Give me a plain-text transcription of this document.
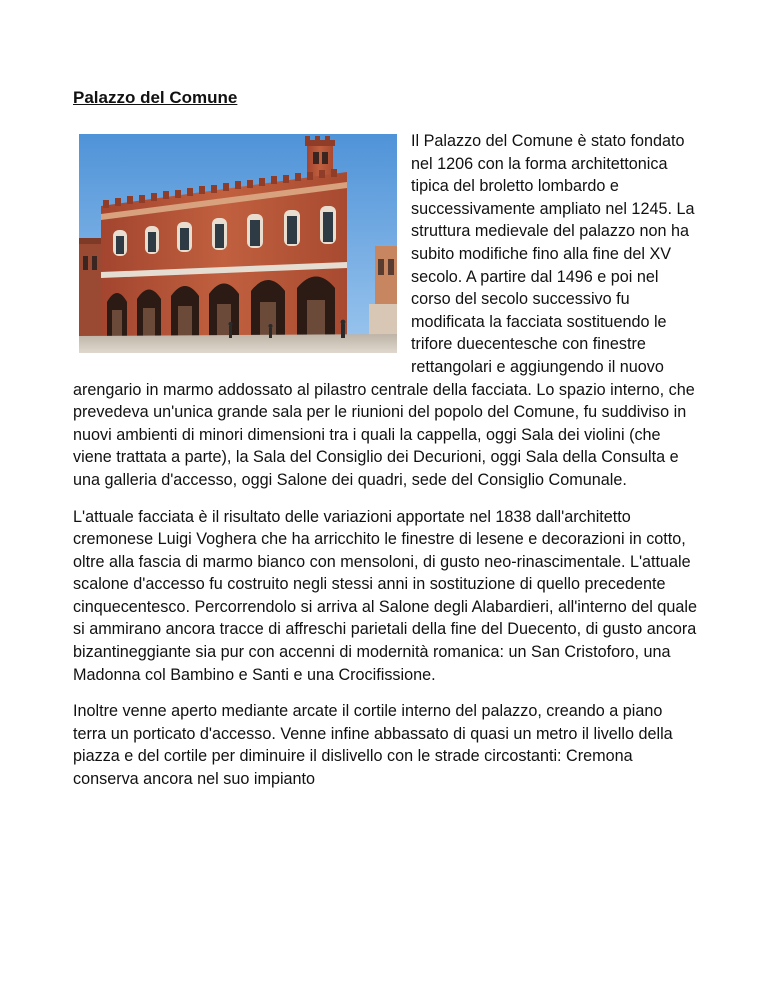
Palazzo del Comune

Il Palazzo del Comune è stato fondato nel 1206 con la forma architettonica tipica del broletto lombardo e successivamente ampliato nel 1245. La struttura medievale del palazzo non ha subito modifiche fino alla fine del XV secolo. A partire dal 1496 e poi nel corso del secolo successivo fu modificata la facciata sostituendo le trifore duecentesche con finestre rettangolari e aggiungendo il nuovo arengario in marmo addossato al pilastro centrale della facciata. Lo spazio interno, che prevedeva un'unica grande sala per le riunioni del popolo del Comune, fu suddiviso in nuovi ambienti di minori dimensioni tra i quali la cappella, oggi Sala dei violini (che viene trattata a parte), la Sala del Consiglio dei Decurioni, oggi Sala della Consulta e una galleria d'accesso, oggi Salone dei quadri, sede del Consiglio Comunale.

L'attuale facciata è il risultato delle variazioni apportate nel 1838 dall'architetto cremonese Luigi Voghera che ha arricchito le finestre di lesene e decorazioni in cotto, oltre alla fascia di marmo bianco con mensoloni, di gusto neo-rinascimentale. L'attuale scalone d'accesso fu costruito negli stessi anni in sostituzione di quello precedente cinquecentesco. Percorrendolo si arriva al Salone degli Alabardieri, all'interno del quale si ammirano ancora tracce di affreschi parietali della fine del Duecento, di gusto ancora bizantineggiante sia pur con accenni di modernità romanica: un San Cristoforo, una Madonna col Bambino e Santi e una Crocifissione.

Inoltre venne aperto mediante arcate il cortile interno del palazzo, creando a piano terra un porticato d'accesso. Venne infine abbassato di quasi un metro il livello della piazza e del cortile per diminuire il dislivello con le strade circostanti: Cremona conserva ancora nel suo impianto
